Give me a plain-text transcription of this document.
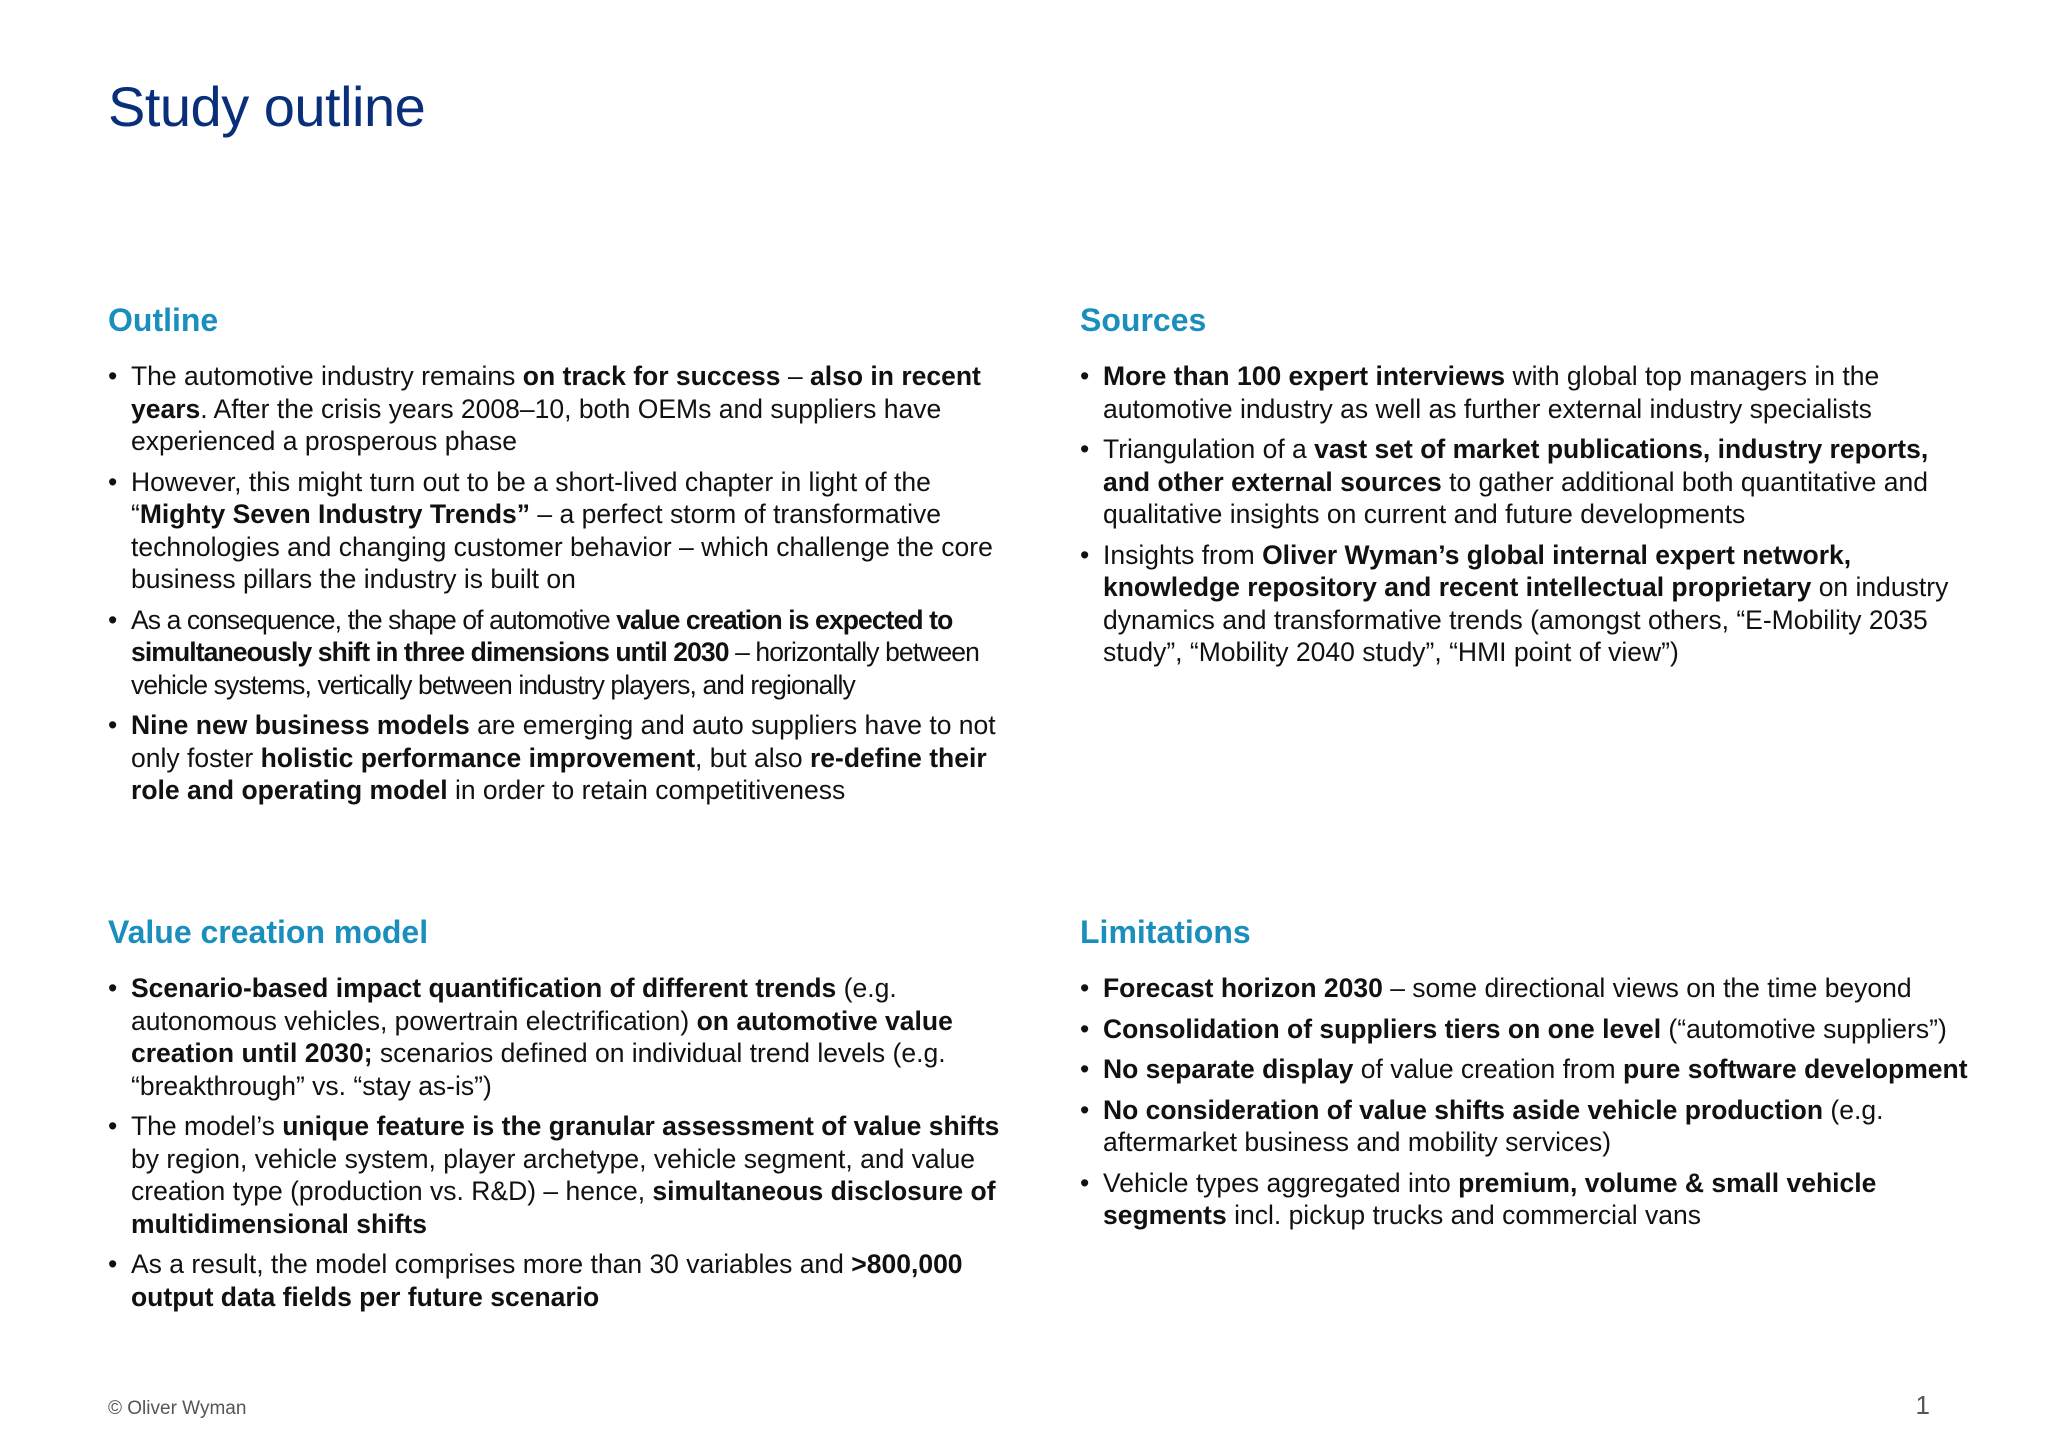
Study outline
Outline
• The automotive industry remains on track for success – also in recent years. After the crisis years 2008–10, both OEMs and suppliers have experienced a prosperous phase
• However, this might turn out to be a short-lived chapter in light of the “Mighty Seven Industry Trends” – a perfect storm of transformative technologies and changing customer behavior – which challenge the core business pillars the industry is built on
• As a consequence, the shape of automotive value creation is expected to simultaneously shift in three dimensions until 2030 – horizontally between vehicle systems, vertically between industry players, and regionally
• Nine new business models are emerging and auto suppliers have to not only foster holistic performance improvement, but also re-define their role and operating model in order to retain competitiveness
Sources
• More than 100 expert interviews with global top managers in the automotive industry as well as further external industry specialists
• Triangulation of a vast set of market publications, industry reports, and other external sources to gather additional both quantitative and qualitative insights on current and future developments
• Insights from Oliver Wyman’s global internal expert network, knowledge repository and recent intellectual proprietary on industry dynamics and transformative trends (amongst others, “E-Mobility 2035 study”, “Mobility 2040 study”, “HMI point of view”)
Value creation model
• Scenario-based impact quantification of different trends (e.g. autonomous vehicles, powertrain electrification) on automotive value creation until 2030; scenarios defined on individual trend levels (e.g. “breakthrough” vs. “stay as-is”)
• The model’s unique feature is the granular assessment of value shifts by region, vehicle system, player archetype, vehicle segment, and value creation type (production vs. R&D) – hence, simultaneous disclosure of multidimensional shifts
• As a result, the model comprises more than 30 variables and >800,000 output data fields per future scenario
Limitations
• Forecast horizon 2030 – some directional views on the time beyond
• Consolidation of suppliers tiers on one level (“automotive suppliers”)
• No separate display of value creation from pure software development
• No consideration of value shifts aside vehicle production (e.g. aftermarket business and mobility services)
• Vehicle types aggregated into premium, volume & small vehicle segments incl. pickup trucks and commercial vans
© Oliver Wyman	1
